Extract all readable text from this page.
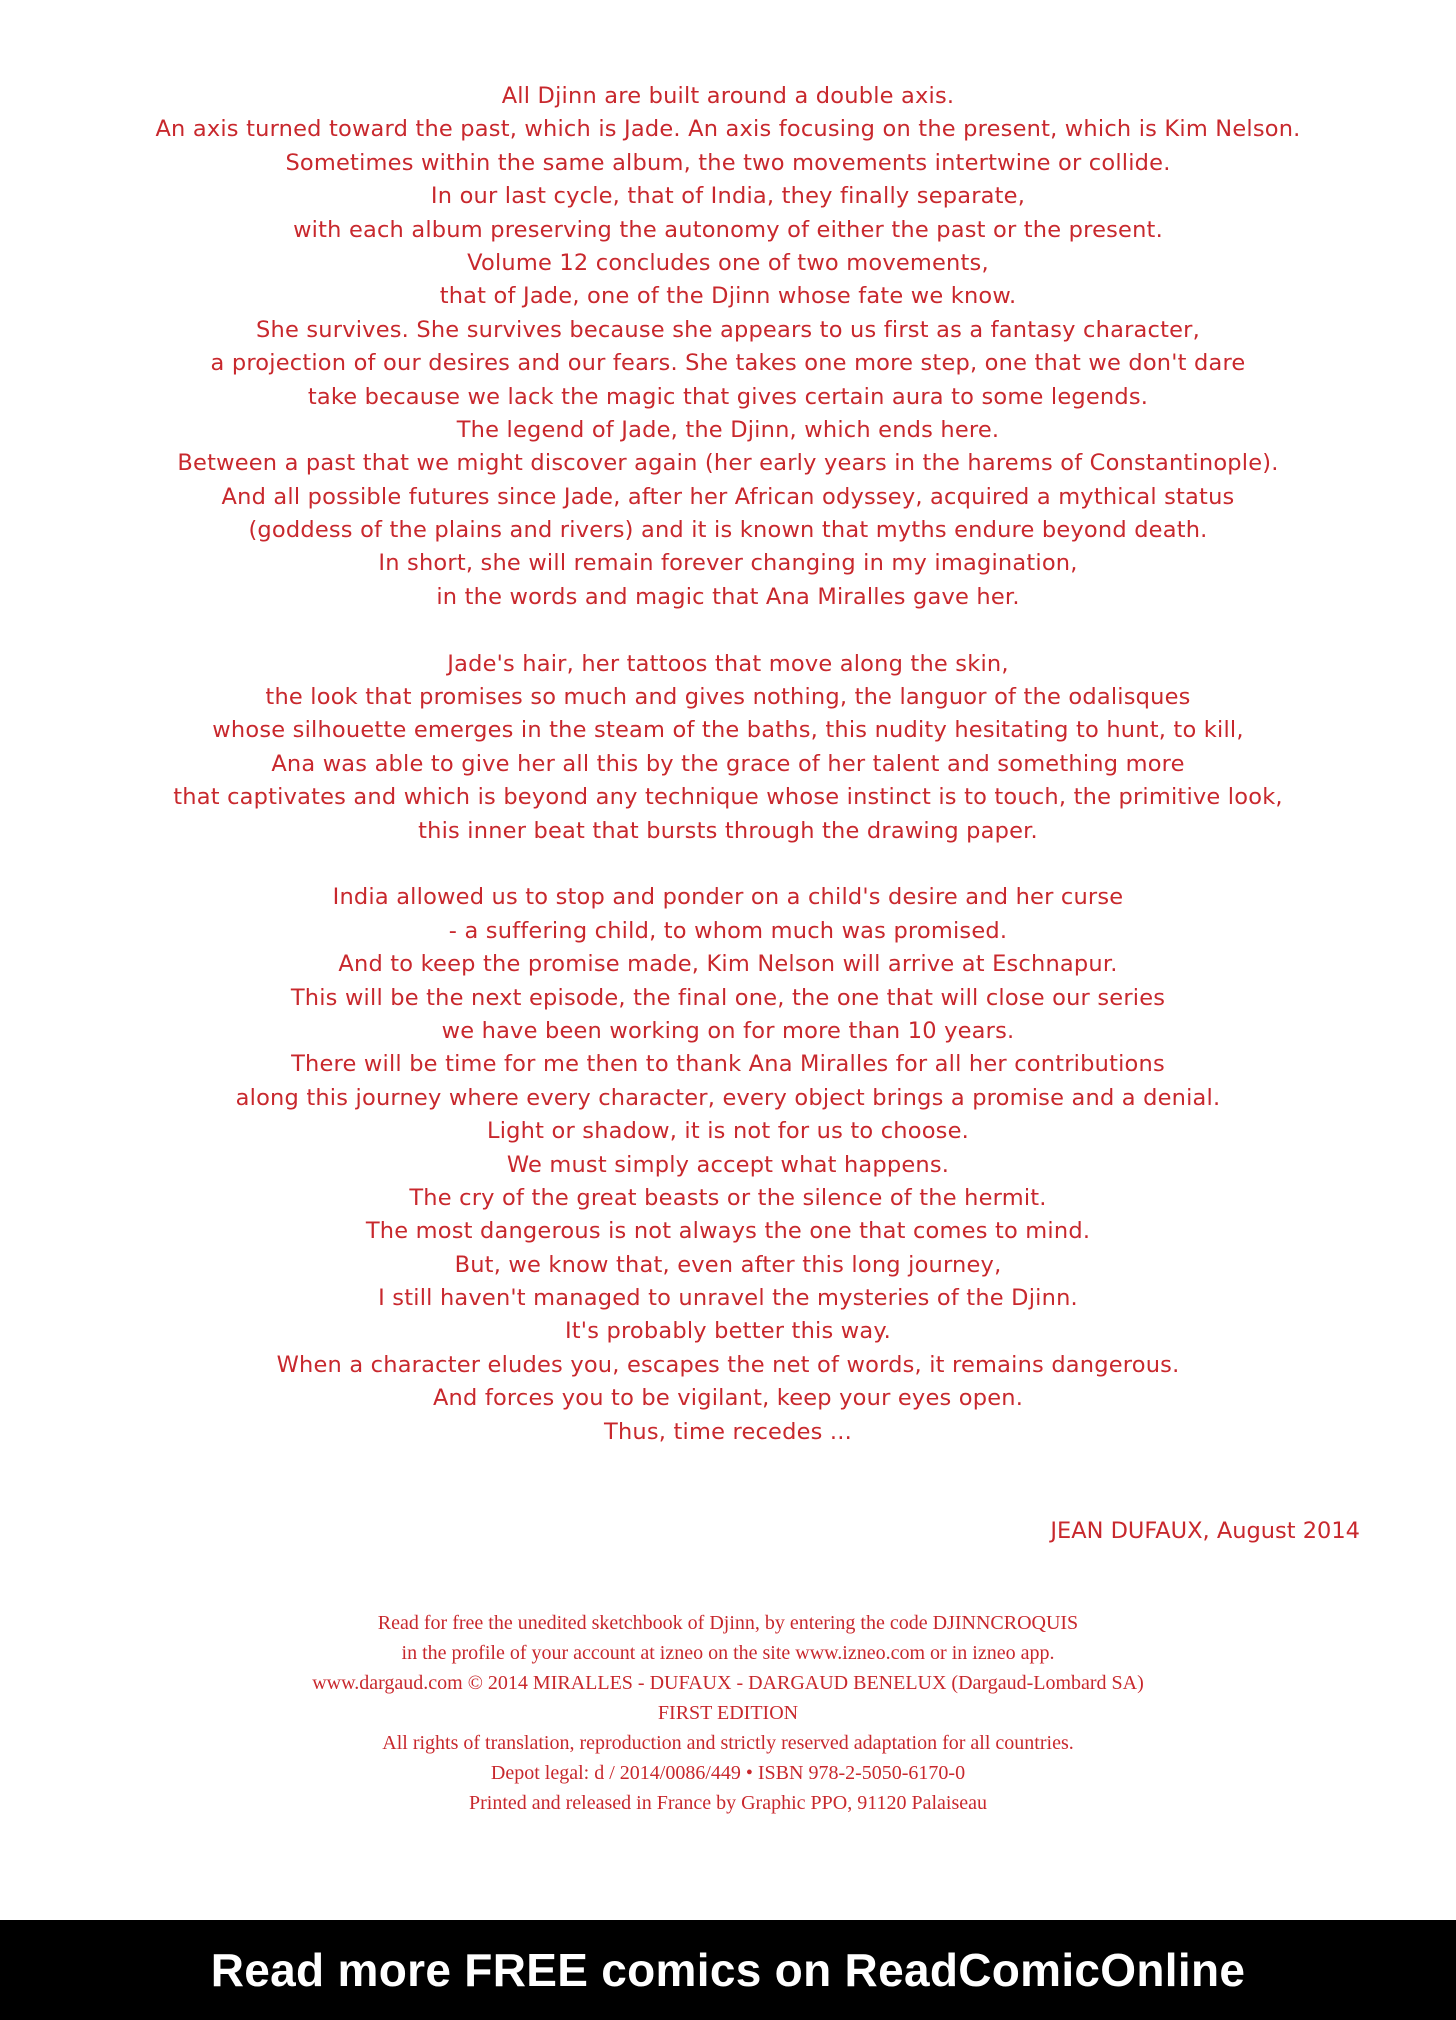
All Djinn are built around a double axis.
An axis turned toward the past, which is Jade. An axis focusing on the present, which is Kim Nelson.
Sometimes within the same album, the two movements intertwine or collide.
In our last cycle, that of India, they finally separate,
with each album preserving the autonomy of either the past or the present.
Volume 12 concludes one of two movements,
that of Jade, one of the Djinn whose fate we know.
She survives. She survives because she appears to us first as a fantasy character,
a projection of our desires and our fears. She takes one more step, one that we don't dare
take because we lack the magic that gives certain aura to some legends.
The legend of Jade, the Djinn, which ends here.
Between a past that we might discover again (her early years in the harems of Constantinople).
And all possible futures since Jade, after her African odyssey, acquired a mythical status
(goddess of the plains and rivers) and it is known that myths endure beyond death.
In short, she will remain forever changing in my imagination,
in the words and magic that Ana Miralles gave her.
Jade's hair, her tattoos that move along the skin,
the look that promises so much and gives nothing, the languor of the odalisques
whose silhouette emerges in the steam of the baths, this nudity hesitating to hunt, to kill,
Ana was able to give her all this by the grace of her talent and something more
that captivates and which is beyond any technique whose instinct is to touch, the primitive look,
this inner beat that bursts through the drawing paper.
India allowed us to stop and ponder on a child's desire and her curse
- a suffering child, to whom much was promised.
And to keep the promise made, Kim Nelson will arrive at Eschnapur.
This will be the next episode, the final one, the one that will close our series
we have been working on for more than 10 years.
There will be time for me then to thank Ana Miralles for all her contributions
along this journey where every character, every object brings a promise and a denial.
Light or shadow, it is not for us to choose.
We must simply accept what happens.
The cry of the great beasts or the silence of the hermit.
The most dangerous is not always the one that comes to mind.
But, we know that, even after this long journey,
I still haven't managed to unravel the mysteries of the Djinn.
It's probably better this way.
When a character eludes you, escapes the net of words, it remains dangerous.
And forces you to be vigilant, keep your eyes open.
Thus, time recedes ...
JEAN DUFAUX, August 2014
Read for free the unedited sketchbook of Djinn, by entering the code DJINNCROQUIS
in the profile of your account at izneo on the site www.izneo.com or in izneo app.
www.dargaud.com © 2014 MIRALLES - DUFAUX - DARGAUD BENELUX (Dargaud-Lombard SA)
FIRST EDITION
All rights of translation, reproduction and strictly reserved adaptation for all countries.
Depot legal: d / 2014/0086/449 • ISBN 978-2-5050-6170-0
Printed and released in France by Graphic PPO, 91120 Palaiseau
Read more FREE comics on ReadComicOnline
